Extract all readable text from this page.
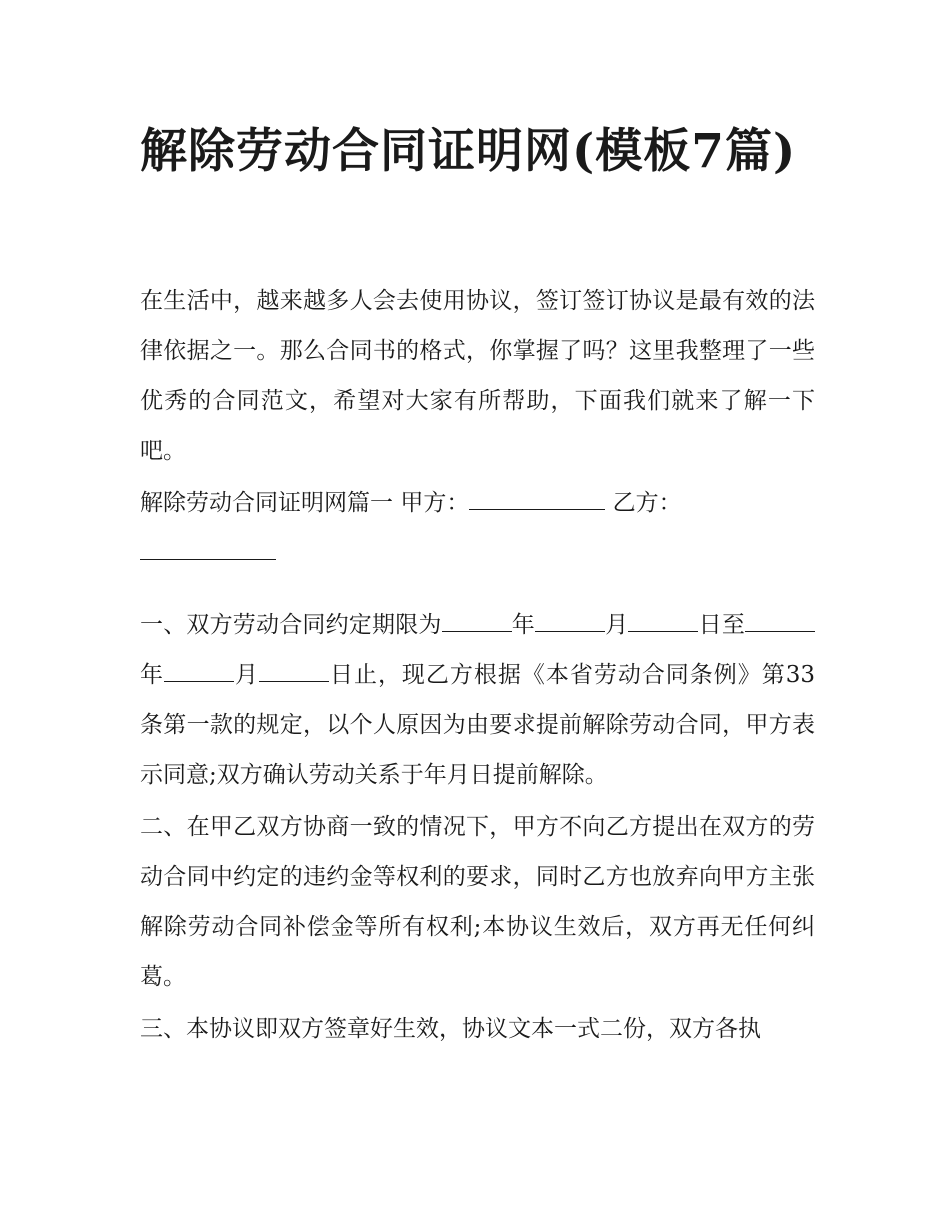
解除劳动合同证明网(模板7篇)

在生活中，越来越多人会去使用协议，签订签订协议是最有效的法律依据之一。那么合同书的格式，你掌握了吗？这里我整理了一些优秀的合同范文，希望对大家有所帮助，下面我们就来了解一下吧。

解除劳动合同证明网篇一 甲方：	乙方：

一、双方劳动合同约定期限为	年	月	日至年	月	日止，现乙方根据《本省劳动合同条例》第33条第一款的规定，以个人原因为由要求提前解除劳动合同，甲方表示同意;双方确认劳动关系于年月日提前解除。

二、在甲乙双方协商一致的情况下，甲方不向乙方提出在双方的劳动合同中约定的违约金等权利的要求，同时乙方也放弃向甲方主张解除劳动合同补偿金等所有权利;本协议生效后，双方再无任何纠葛。

三、本协议即双方签章好生效，协议文本一式二份，双方各执
